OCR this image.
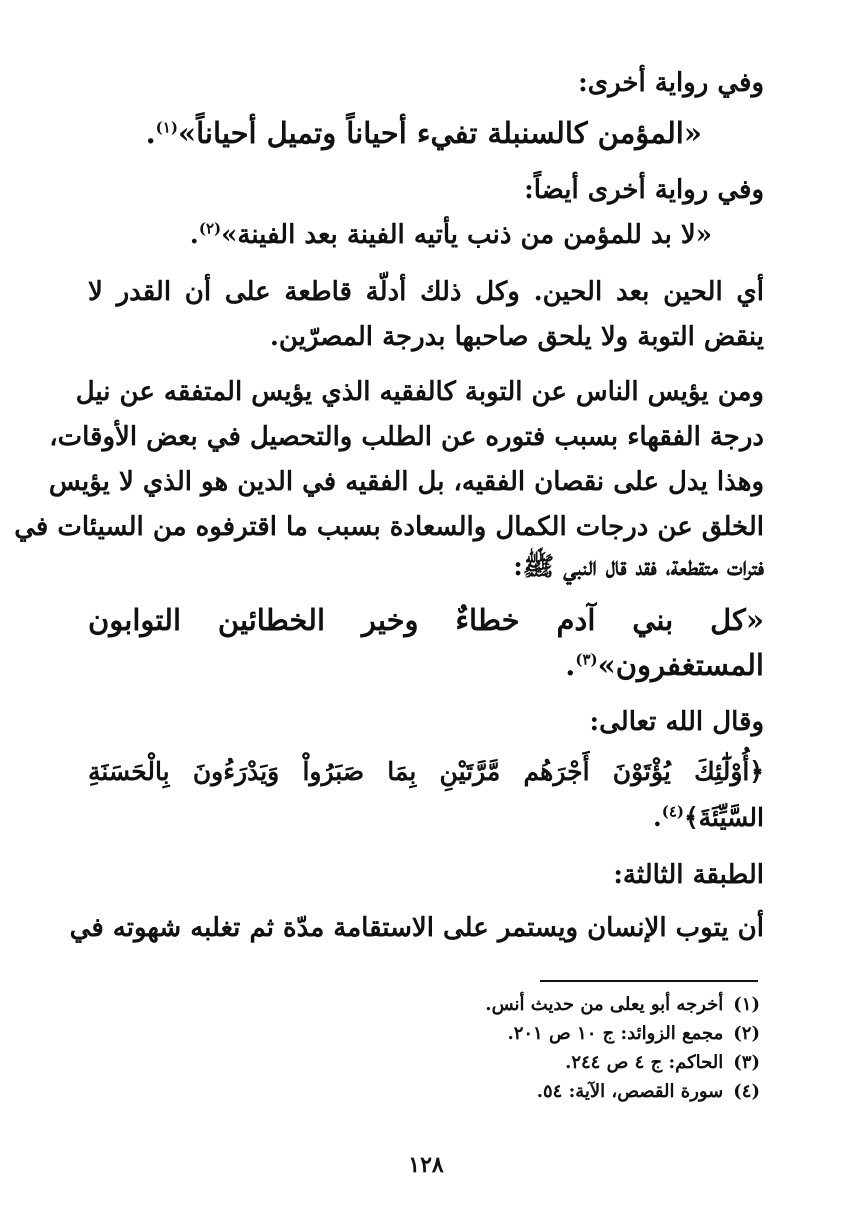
وفي رواية أخرى:
«المؤمن كالسنبلة تفيء أحياناً وتميل أحياناً»$^{(١)}$.
وفي رواية أخرى أيضاً:
«لا بد للمؤمن من ذنب يأتيه الفينة بعد الفينة»$^{(٢)}$.
أي الحين بعد الحين. وكل ذلك أدلّة قاطعة على أن القدر لا
ينقض التوبة ولا يلحق صاحبها بدرجة المصرّين.
ومن يؤيس الناس عن التوبة كالفقيه الذي يؤيس المتفقه عن نيل
درجة الفقهاء بسبب فتوره عن الطلب والتحصيل في بعض الأوقات،
وهذا يدل على نقصان الفقيه، بل الفقيه في الدين هو الذي لا يؤيس
الخلق عن درجات الكمال والسعادة بسبب ما اقترفوه من السيئات في
فترات متقطعة، فقد قال النبي ﷺ:
«كل بني آدم خطاءٌ وخير الخطائين التوابون
المستغفرون»$^{(٣)}$.
وقال الله تعالى:
﴿أُوْلَٰٓئِكَ يُؤْتَوْنَ أَجْرَهُم مَّرَّتَيْنِ بِمَا صَبَرُواْ وَيَدْرَءُونَ بِالْحَسَنَةِ
السَّيِّئَةَ﴾$^{(٤)}$.
الطبقة الثالثة:
أن يتوب الإنسان ويستمر على الاستقامة مدّة ثم تغلبه شهوته في
(١)أخرجه أبو يعلى من حديث أنس.
(٢)مجمع الزوائد: ج ١٠ ص ٢٠١.
(٣)الحاكم: ج ٤ ص ٢٤٤.
(٤)سورة القصص، الآية: ٥٤.
١٢٨
